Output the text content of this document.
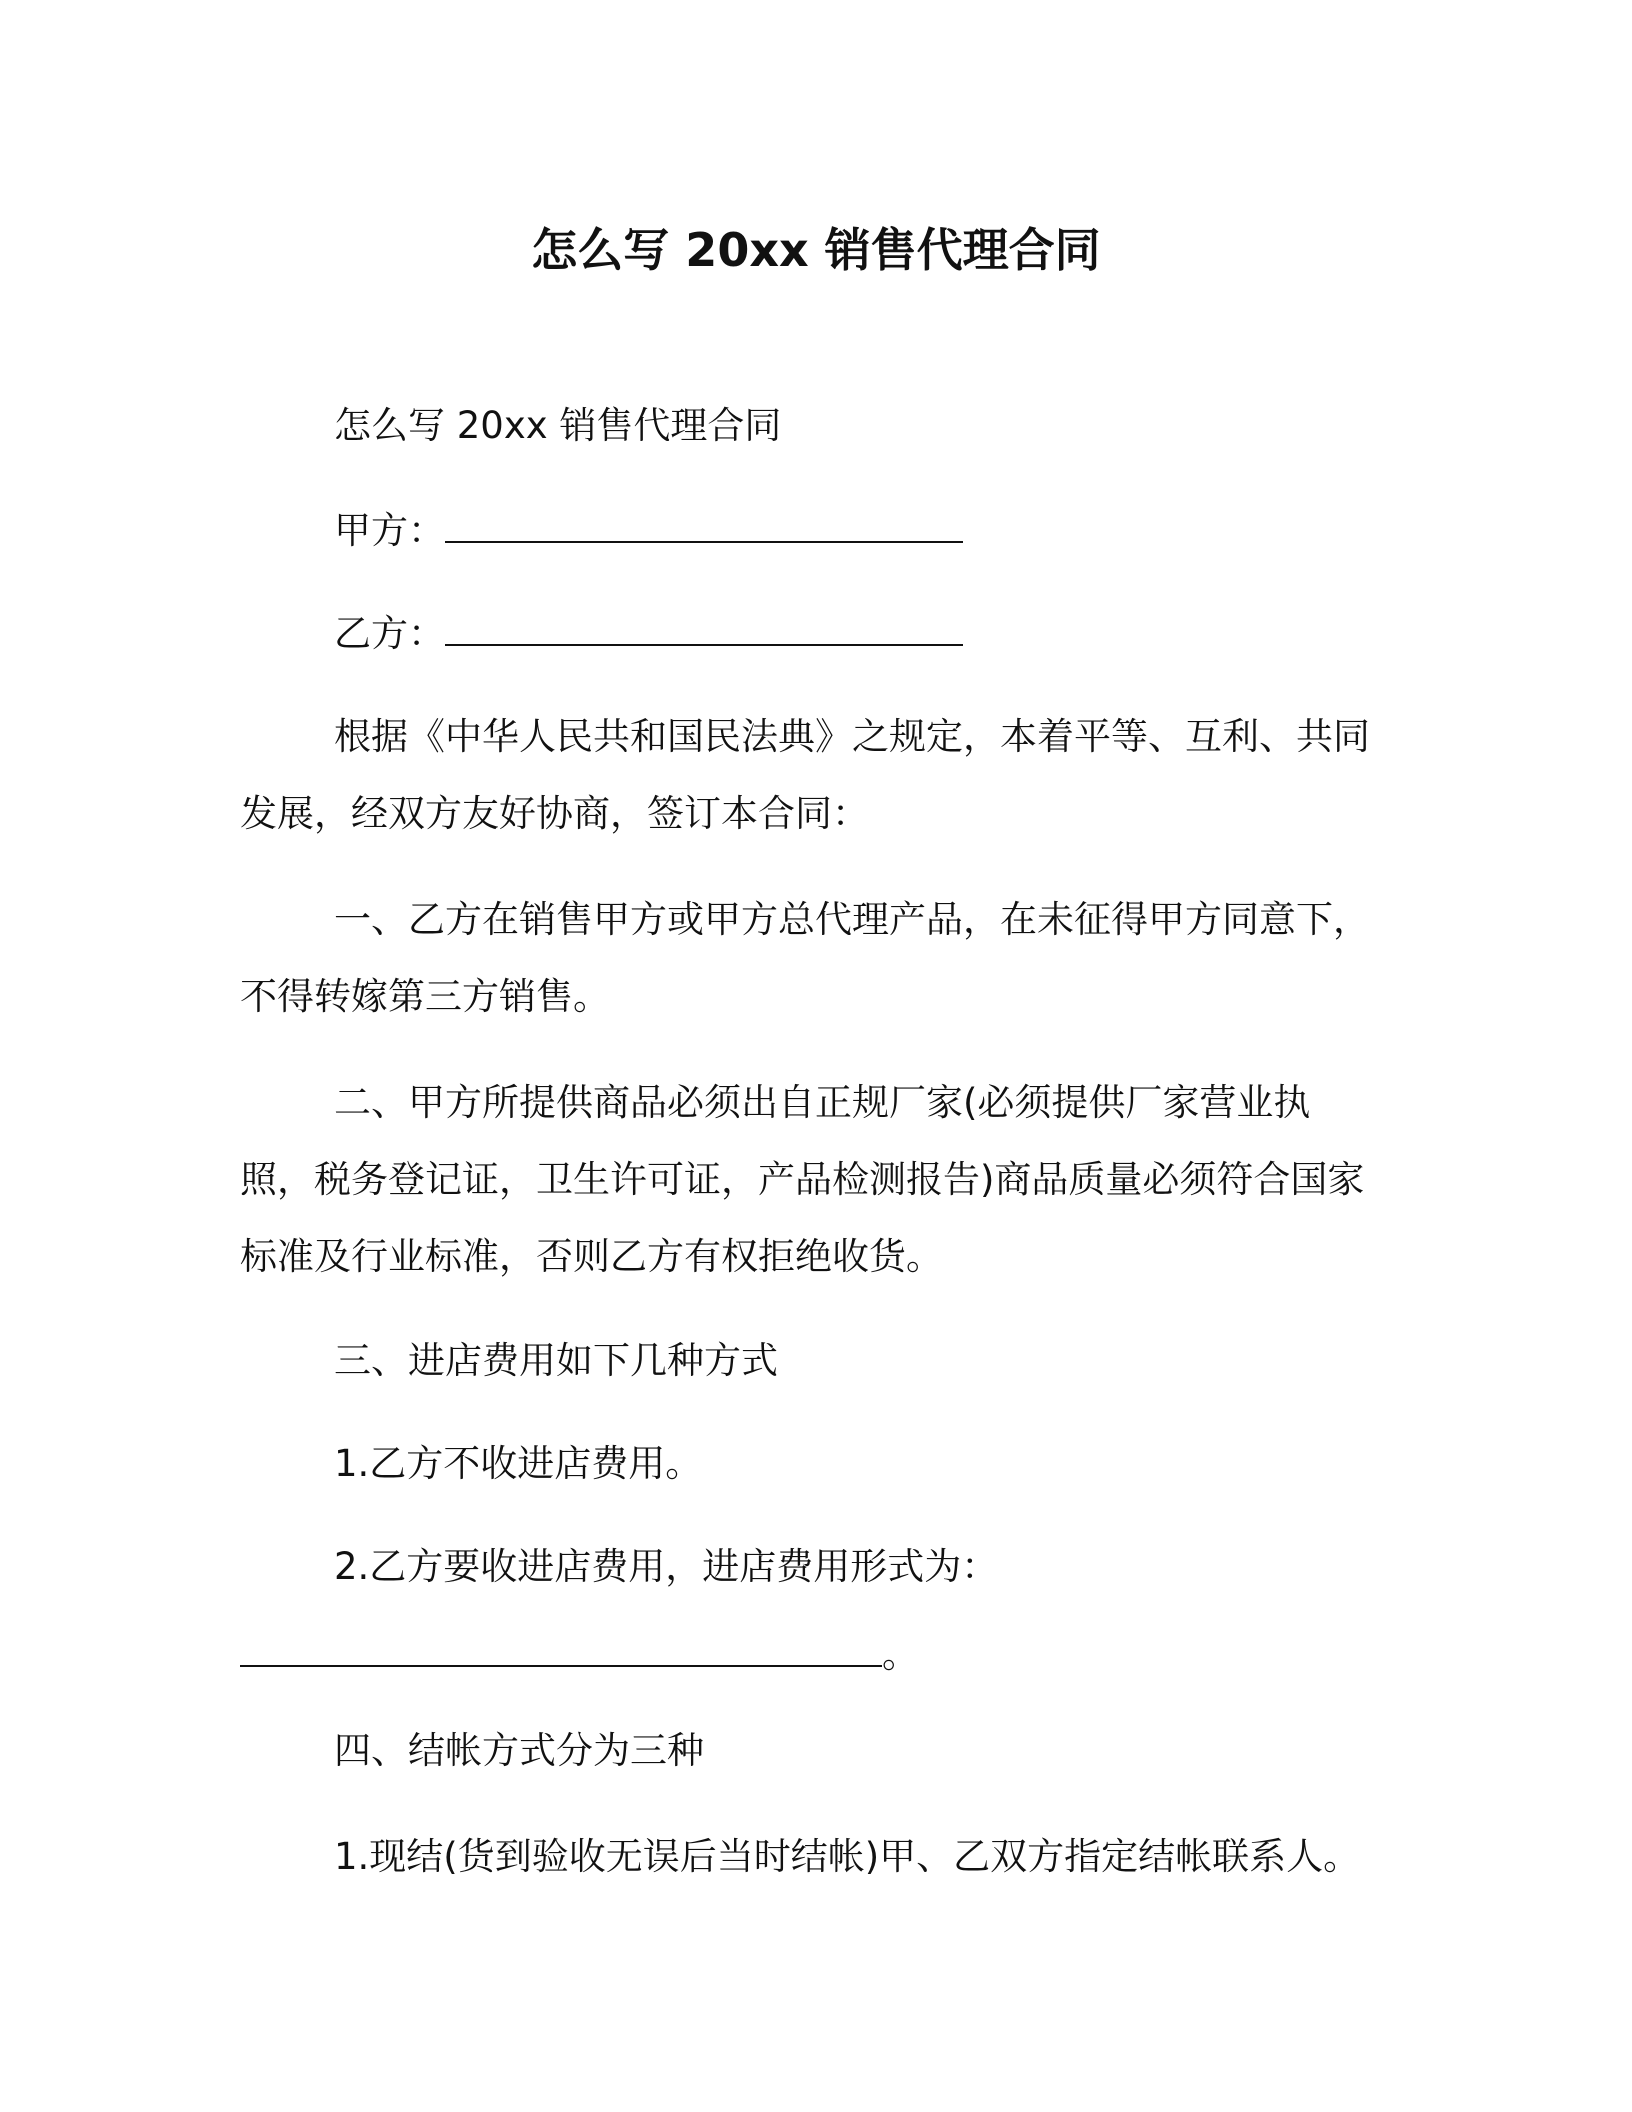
怎么写 20xx 销售代理合同
怎么写 20xx 销售代理合同
甲方：
乙方：
根据《中华人民共和国民法典》之规定，本着平等、互利、共同
发展，经双方友好协商，签订本合同：
一、乙方在销售甲方或甲方总代理产品，在未征得甲方同意下，
不得转嫁第三方销售。
二、甲方所提供商品必须出自正规厂家(必须提供厂家营业执
照，税务登记证，卫生许可证，产品检测报告)商品质量必须符合国家
标准及行业标准，否则乙方有权拒绝收货。
三、进店费用如下几种方式
1.乙方不收进店费用。
2.乙方要收进店费用，进店费用形式为：
。
四、结帐方式分为三种
1.现结(货到验收无误后当时结帐)甲、乙双方指定结帐联系人。
